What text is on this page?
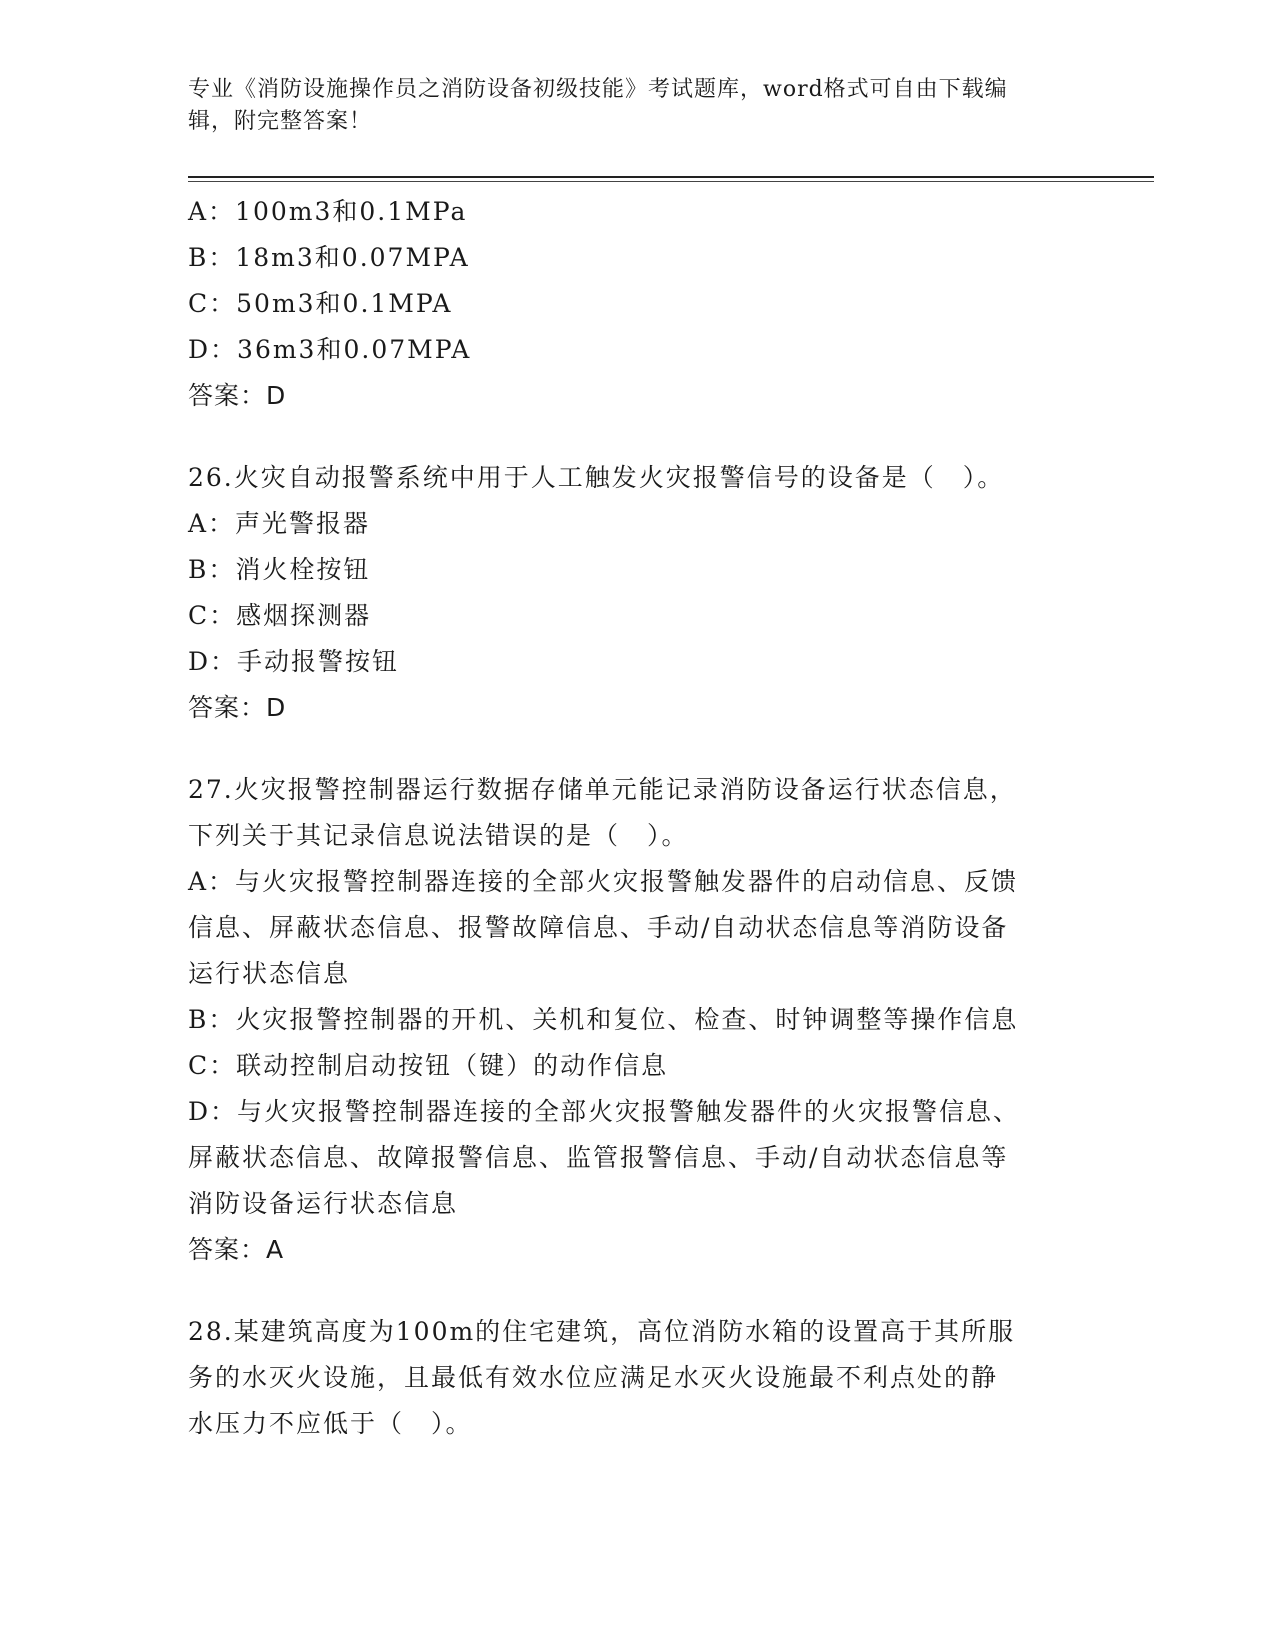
专业《消防设施操作员之消防设备初级技能》考试题库，word格式可自由下载编
辑，附完整答案！
A：100m3和0.1MPa
B：18m3和0.07MPA
C：50m3和0.1MPA
D：36m3和0.07MPA
答案：D
26.火灾自动报警系统中用于人工触发火灾报警信号的设备是（　）。
A：声光警报器
B：消火栓按钮
C：感烟探测器
D：手动报警按钮
答案：D
27.火灾报警控制器运行数据存储单元能记录消防设备运行状态信息，
下列关于其记录信息说法错误的是（　）。
A：与火灾报警控制器连接的全部火灾报警触发器件的启动信息、反馈
信息、屏蔽状态信息、报警故障信息、手动/自动状态信息等消防设备
运行状态信息
B：火灾报警控制器的开机、关机和复位、检查、时钟调整等操作信息
C：联动控制启动按钮（键）的动作信息
D：与火灾报警控制器连接的全部火灾报警触发器件的火灾报警信息、
屏蔽状态信息、故障报警信息、监管报警信息、手动/自动状态信息等
消防设备运行状态信息
答案：A
28.某建筑高度为100m的住宅建筑，高位消防水箱的设置高于其所服
务的水灭火设施，且最低有效水位应满足水灭火设施最不利点处的静
水压力不应低于（　）。
